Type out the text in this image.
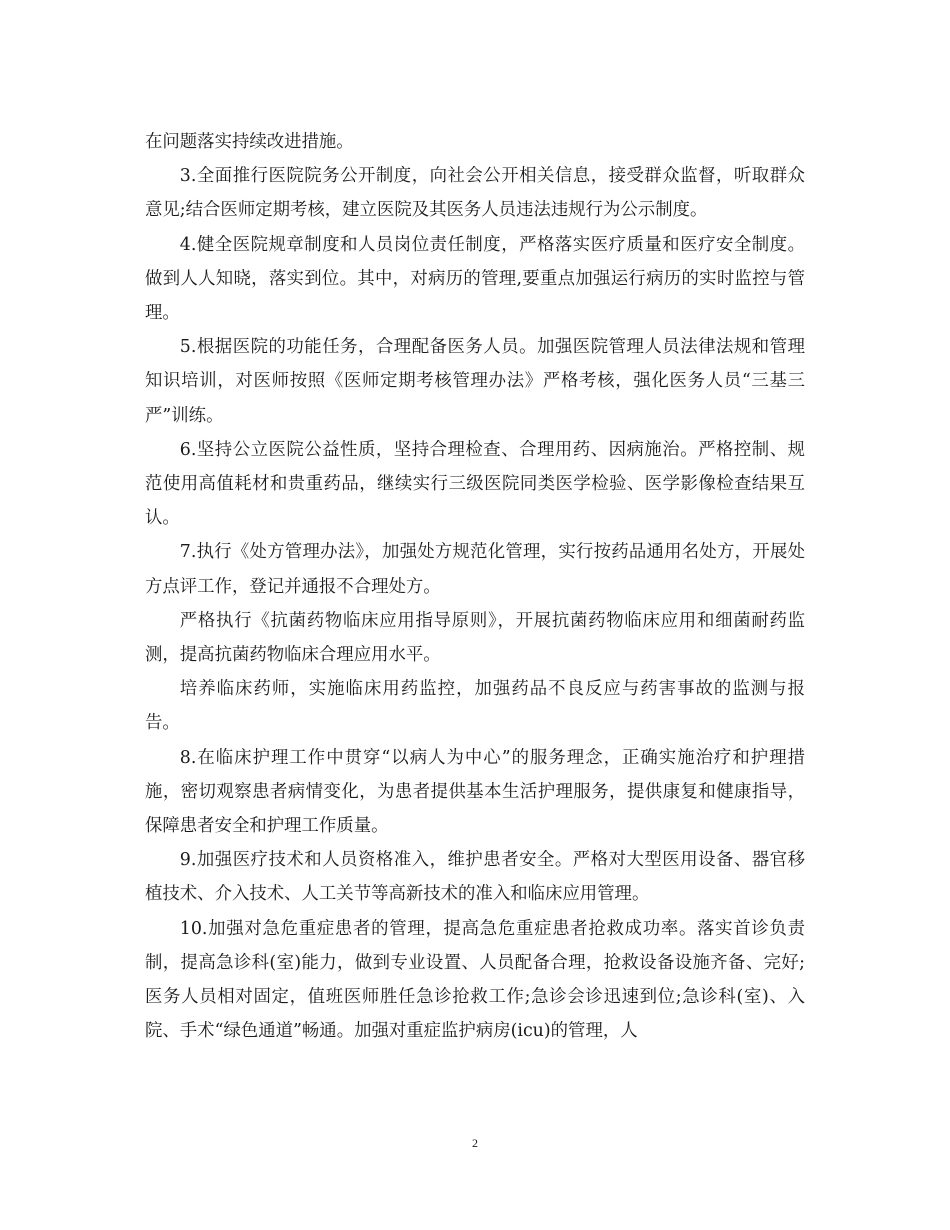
在问题落实持续改进措施。

3.全面推行医院院务公开制度，向社会公开相关信息，接受群众监督，听取群众意见;结合医师定期考核，建立医院及其医务人员违法违规行为公示制度。

4.健全医院规章制度和人员岗位责任制度，严格落实医疗质量和医疗安全制度。做到人人知晓，落实到位。其中，对病历的管理,要重点加强运行病历的实时监控与管理。

5.根据医院的功能任务，合理配备医务人员。加强医院管理人员法律法规和管理知识培训，对医师按照《医师定期考核管理办法》严格考核，强化医务人员“三基三严”训练。

6.坚持公立医院公益性质，坚持合理检查、合理用药、因病施治。严格控制、规范使用高值耗材和贵重药品，继续实行三级医院同类医学检验、医学影像检查结果互认。

7.执行《处方管理办法》，加强处方规范化管理，实行按药品通用名处方，开展处方点评工作，登记并通报不合理处方。

严格执行《抗菌药物临床应用指导原则》，开展抗菌药物临床应用和细菌耐药监测，提高抗菌药物临床合理应用水平。

培养临床药师，实施临床用药监控，加强药品不良反应与药害事故的监测与报告。

8.在临床护理工作中贯穿“以病人为中心”的服务理念，正确实施治疗和护理措施，密切观察患者病情变化，为患者提供基本生活护理服务，提供康复和健康指导，保障患者安全和护理工作质量。

9.加强医疗技术和人员资格准入，维护患者安全。严格对大型医用设备、器官移植技术、介入技术、人工关节等高新技术的准入和临床应用管理。

10.加强对急危重症患者的管理，提高急危重症患者抢救成功率。落实首诊负责制，提高急诊科(室)能力，做到专业设置、人员配备合理，抢救设备设施齐备、完好;医务人员相对固定，值班医师胜任急诊抢救工作;急诊会诊迅速到位;急诊科(室)、入院、手术“绿色通道”畅通。加强对重症监护病房(icu)的管理，人

2
